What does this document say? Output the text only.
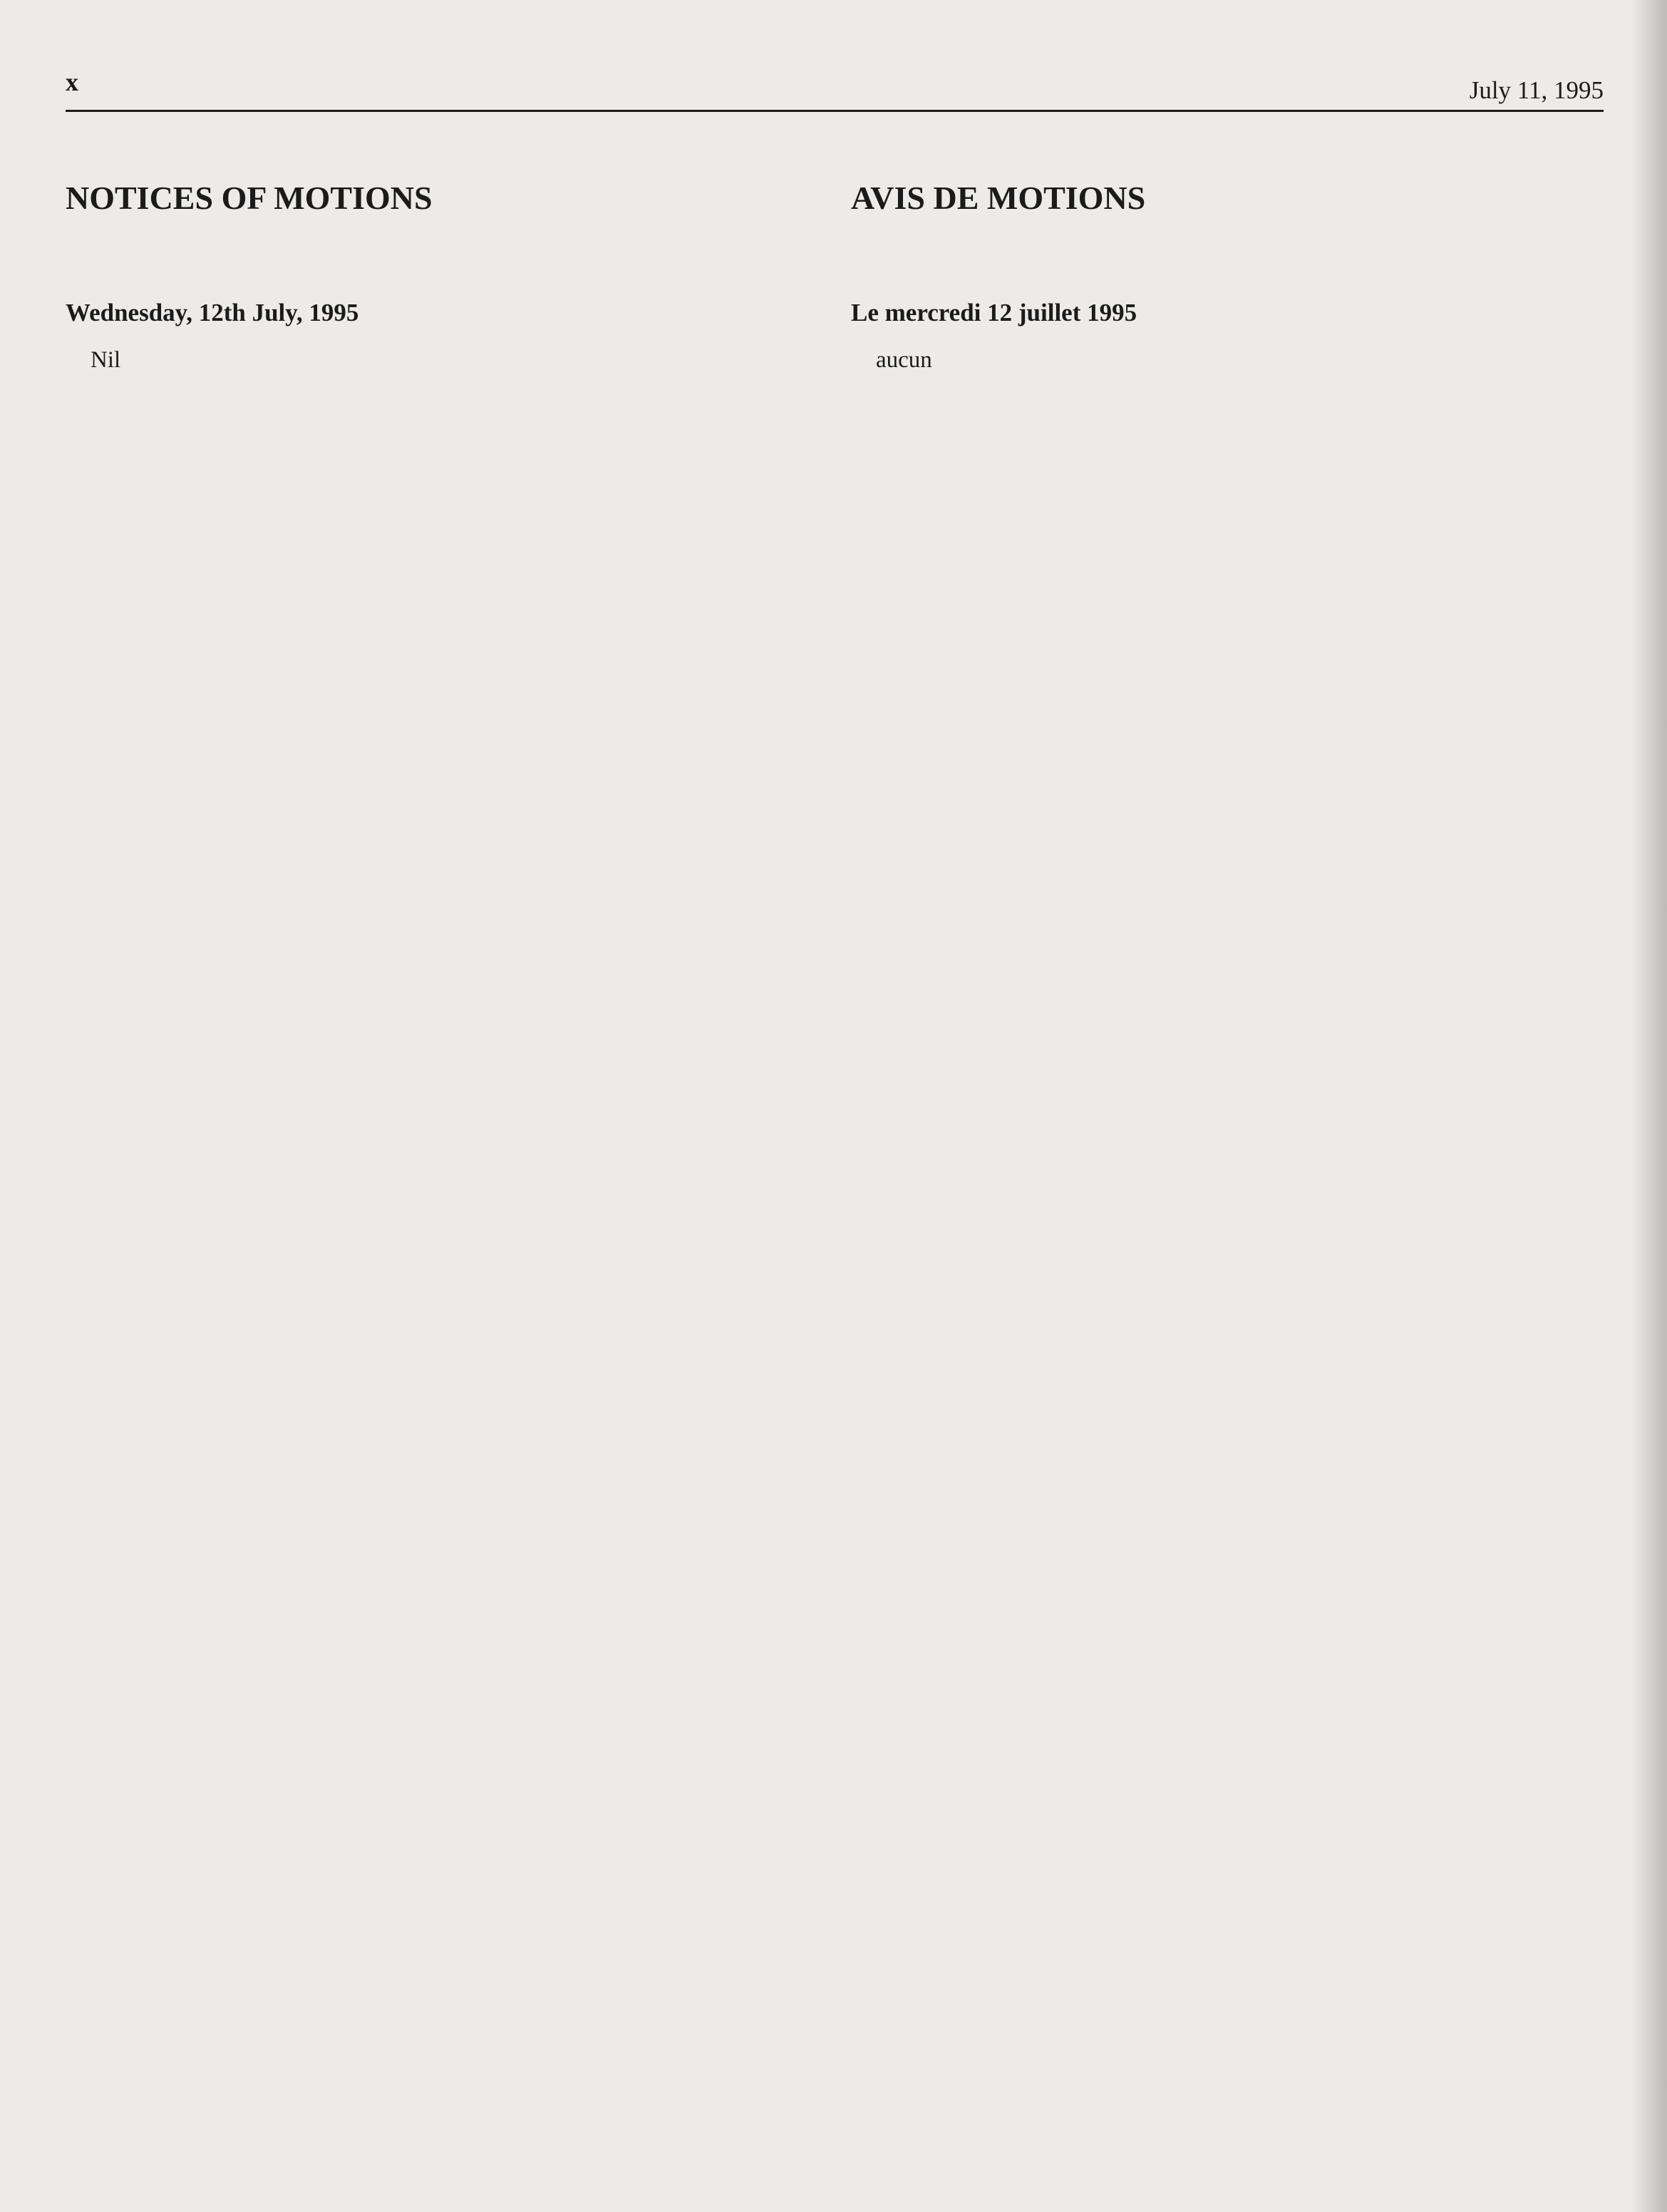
x	July 11, 1995
NOTICES OF MOTIONS
Wednesday, 12th July, 1995
Nil
AVIS DE MOTIONS
Le mercredi 12 juillet 1995
aucun
